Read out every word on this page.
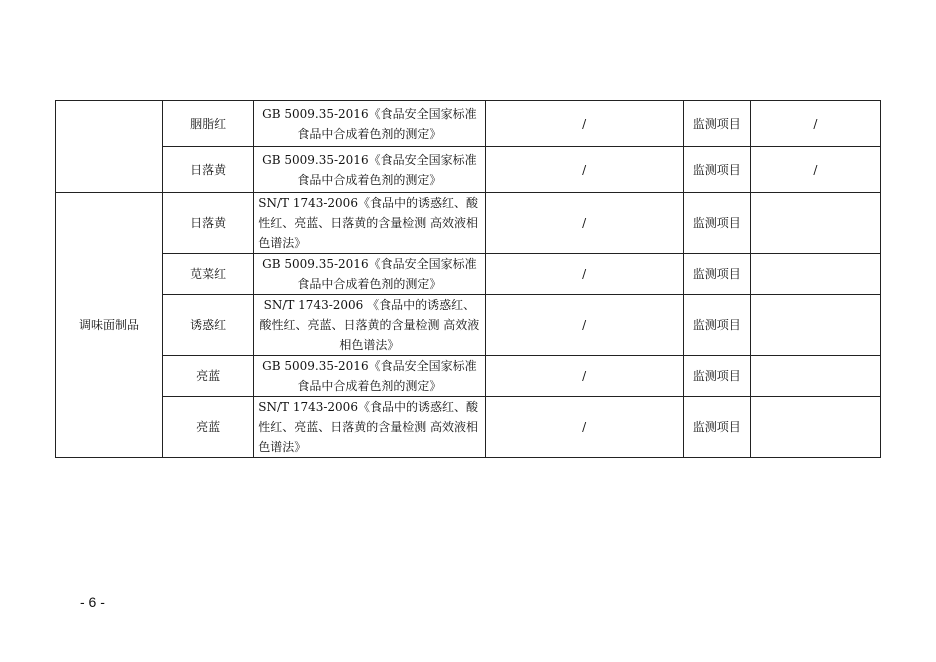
	胭脂红	GB 5009.35-2016《食品安全国家标准 食品中合成着色剂的测定》	/	监测项目	/
	日落黄	GB 5009.35-2016《食品安全国家标准 食品中合成着色剂的测定》	/	监测项目	/
调味面制品	日落黄	SN/T 1743-2006《食品中的诱惑红、酸性红、亮蓝、日落黄的含量检测 高效液相色谱法》	/	监测项目	
	苋菜红	GB 5009.35-2016《食品安全国家标准 食品中合成着色剂的测定》	/	监测项目	
	诱惑红	SN/T 1743-2006 《食品中的诱惑红、酸性红、亮蓝、日落黄的含量检测 高效液相色谱法》	/	监测项目	
	亮蓝	GB 5009.35-2016《食品安全国家标准 食品中合成着色剂的测定》	/	监测项目	
	亮蓝	SN/T 1743-2006《食品中的诱惑红、酸性红、亮蓝、日落黄的含量检测 高效液相色谱法》	/	监测项目	
- 6 -
